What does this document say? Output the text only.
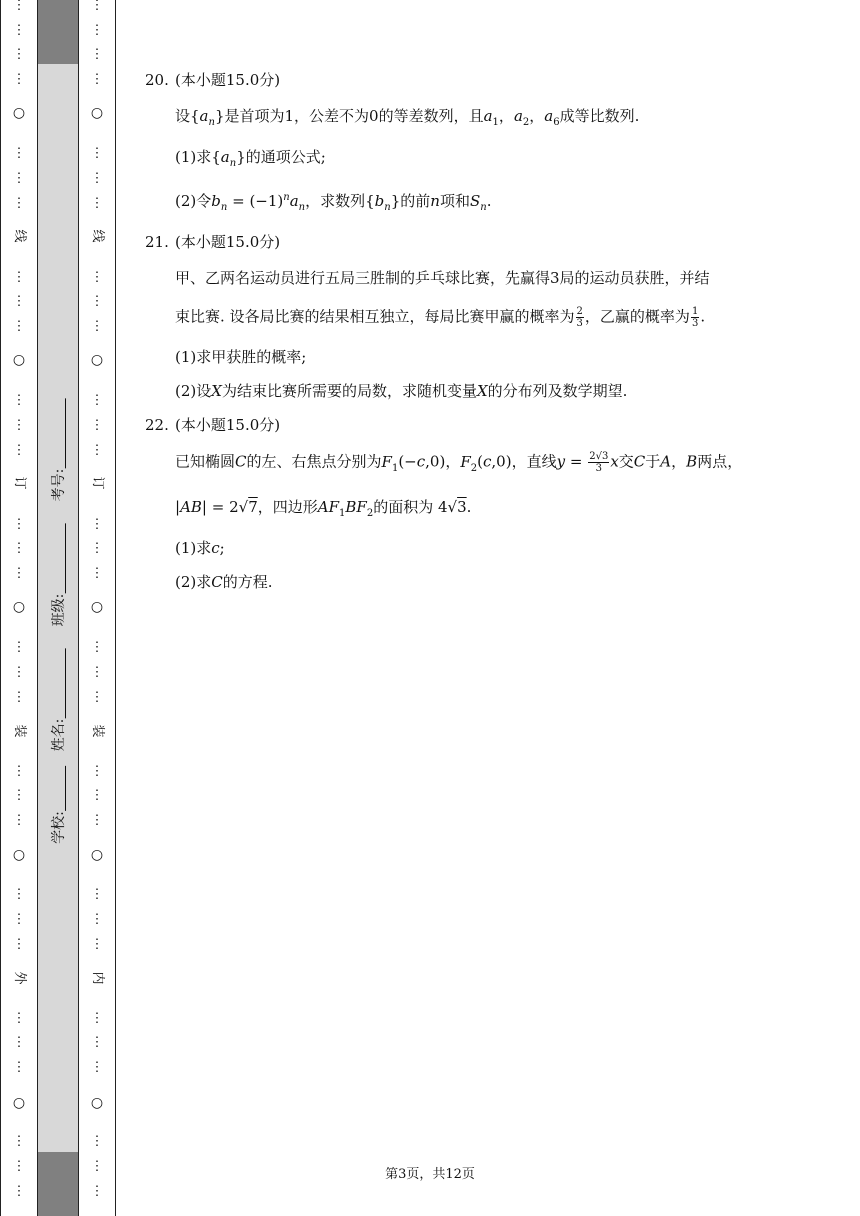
⋮
⋮
⋮
⋮
⋮
⋮
⋮
⋮
⋮
⋮
⋮
⋮
⋮
⋮
⋮
⋮
⋮
⋮
⋮
⋮
⋮
⋮
⋮
⋮
⋮
⋮
⋮
⋮
⋮
⋮
⋮
○
○
○
○
○
线
订
装
外
考号:
班级:
姓名:
学校:
⋮
⋮
⋮
⋮
⋮
⋮
⋮
⋮
⋮
⋮
⋮
⋮
⋮
⋮
⋮
⋮
⋮
⋮
⋮
⋮
⋮
⋮
⋮
⋮
⋮
⋮
⋮
⋮
⋮
⋮
⋮
○
○
○
○
○
线
订
装
内
20. (本小题15.0分)
设$\{a_n\}$是首项为1，公差不为0的等差数列，且$a_1$，$a_2$，$a_6$成等比数列.
(1)求$\{a_n\}$的通项公式;
(2)令$b_n = (-1)^na_n$，求数列$\{b_n\}$的前n项和$S_n$.
21. (本小题15.0分)
甲、乙两名运动员进行五局三胜制的乒乓球比赛，先赢得3局的运动员获胜，并结
束比赛. 设各局比赛的结果相互独立，每局比赛甲赢的概率为 $\frac{2}{3}$ ，乙赢的概率为 $\frac{1}{3}$ .
(1)求甲获胜的概率;
(2)设X为结束比赛所需要的局数，求随机变量X的分布列及数学期望.
22. (本小题15.0分)
已知椭圆C的左、右焦点分别为$F_1(-c,0)$，$F_2(c,0)$，直线$y = \frac{2√3}{3}$ x交C于A，B两点，
|AB| = 2√7，四边形$AF_1BF_2$的面积为 4√3.
(1)求c;
(2)求C的方程.
第3页，共12页
